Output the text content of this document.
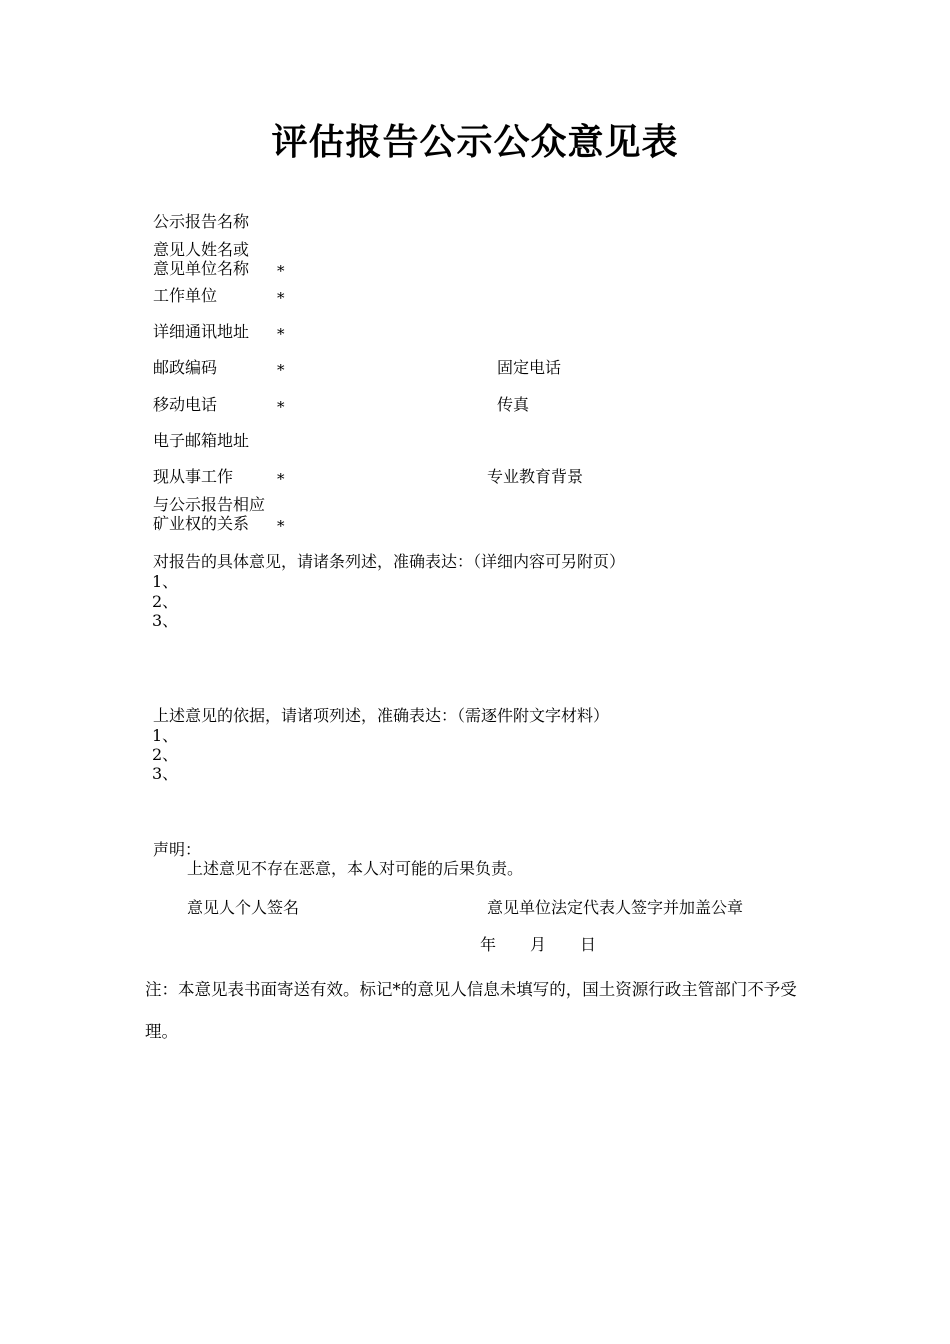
评估报告公示公众意见表
公示报告名称
意见人姓名或
意见单位名称 *
工作单位	*
详细通讯地址 *
邮政编码	*	固定电话
移动电话	*	传真
电子邮箱地址
现从事工作	*	专业教育背景
与公示报告相应
矿业权的关系 *
对报告的具体意见，请诸条列述，准确表达：（详细内容可另附页）
1、
2、
3、
上述意见的依据，请诸项列述，准确表达：（需逐件附文字材料）
1、
2、
3、
声明：
上述意见不存在恶意，本人对可能的后果负责。
意见人个人签名	意见单位法定代表人签字并加盖公章
年 月 日
注：本意见表书面寄送有效。标记*的意见人信息未填写的，国土资源行政主管部门不予受
理。
